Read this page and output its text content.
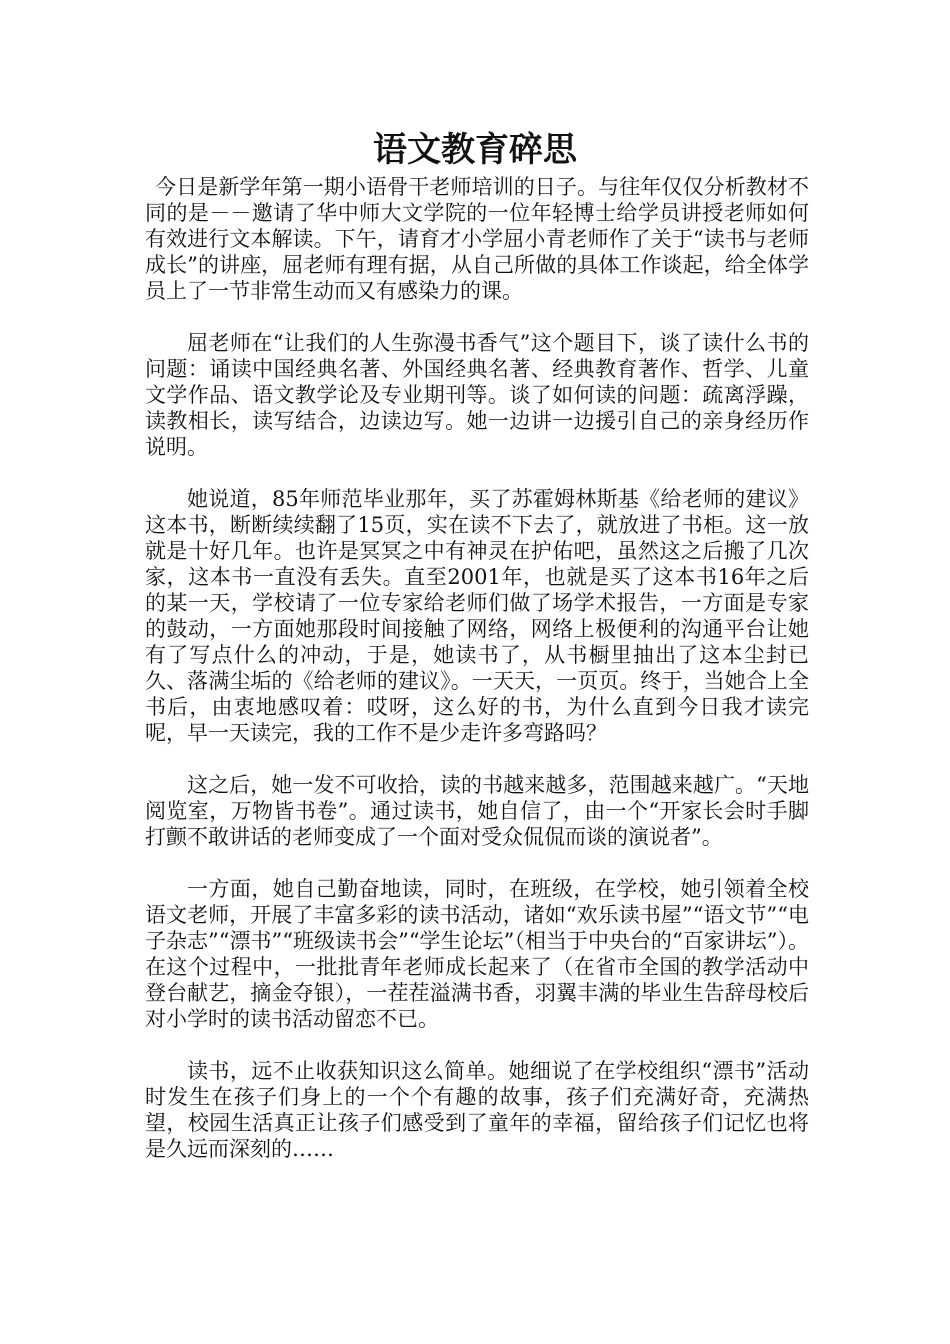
语文教育碎思

今日是新学年第一期小语骨干老师培训的日子。与往年仅仅分析教材不同的是－－邀请了华中师大文学院的一位年轻博士给学员讲授老师如何有效进行文本解读。下午，请育才小学屈小青老师作了关于“读书与老师成长”的讲座，屈老师有理有据，从自己所做的具体工作谈起，给全体学员上了一节非常生动而又有感染力的课。

屈老师在“让我们的人生弥漫书香气”这个题目下，谈了读什么书的问题：诵读中国经典名著、外国经典名著、经典教育著作、哲学、儿童文学作品、语文教学论及专业期刊等。谈了如何读的问题：疏离浮躁，读教相长，读写结合，边读边写。她一边讲一边援引自己的亲身经历作说明。

她说道，85年师范毕业那年，买了苏霍姆林斯基《给老师的建议》这本书，断断续续翻了15页，实在读不下去了，就放进了书柜。这一放就是十好几年。也许是冥冥之中有神灵在护佑吧，虽然这之后搬了几次家，这本书一直没有丢失。直至2001年，也就是买了这本书16年之后的某一天，学校请了一位专家给老师们做了场学术报告，一方面是专家的鼓动，一方面她那段时间接触了网络，网络上极便利的沟通平台让她有了写点什么的冲动，于是，她读书了，从书橱里抽出了这本尘封已久、落满尘垢的《给老师的建议》。一天天，一页页。终于，当她合上全书后，由衷地感叹着：哎呀，这么好的书，为什么直到今日我才读完呢，早一天读完，我的工作不是少走许多弯路吗？

这之后，她一发不可收拾，读的书越来越多，范围越来越广。“天地阅览室，万物皆书卷”。通过读书，她自信了，由一个“开家长会时手脚打颤不敢讲话的老师变成了一个面对受众侃侃而谈的演说者”。

一方面，她自己勤奋地读，同时，在班级，在学校，她引领着全校语文老师，开展了丰富多彩的读书活动，诸如“欢乐读书屋”“语文节”“电子杂志”“漂书”“班级读书会”“学生论坛”（相当于中央台的“百家讲坛”）。在这个过程中，一批批青年老师成长起来了（在省市全国的教学活动中登台献艺，摘金夺银），一茬茬溢满书香，羽翼丰满的毕业生告辞母校后对小学时的读书活动留恋不已。

读书，远不止收获知识这么简单。她细说了在学校组织“漂书”活动时发生在孩子们身上的一个个有趣的故事，孩子们充满好奇，充满热望，校园生活真正让孩子们感受到了童年的幸福，留给孩子们记忆也将是久远而深刻的……
